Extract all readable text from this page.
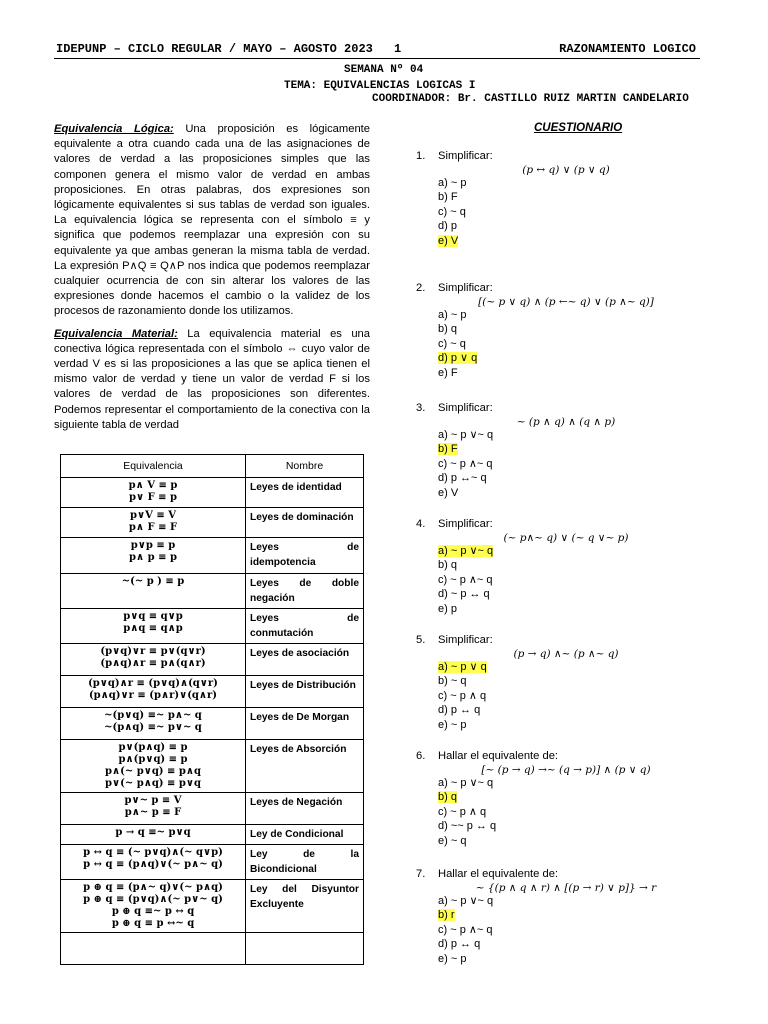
IDEPUNP – CICLO REGULAR / MAYO – AGOSTO 2023 1	RAZONAMIENTO LOGICO
SEMANA Nº 04
TEMA: EQUIVALENCIAS LOGICAS I
COORDINADOR: Br. CASTILLO RUIZ MARTIN CANDELARIO

Equivalencia Lógica: Una proposición es lógicamente equivalente a otra cuando cada una de las asignaciones de valores de verdad a las proposiciones simples que las componen genera el mismo valor de verdad en ambas proposiciones. En otras palabras, dos expresiones son lógicamente equivalentes si sus tablas de verdad son iguales. La equivalencia lógica se representa con el símbolo ≡ y significa que podemos reemplazar una expresión con su equivalente ya que ambas generan la misma tabla de verdad. La expresión P∧Q ≡ Q∧P nos indica que podemos reemplazar cualquier ocurrencia de con sin alterar los valores de las expresiones donde hacemos el cambio o la validez de los procesos de razonamiento donde los utilizamos.

Equivalencia Material: La equivalencia material es una conectiva lógica representada con el símbolo ⇔ cuyo valor de verdad V es si las proposiciones a las que se aplica tienen el mismo valor de verdad y tiene un valor de verdad F si los valores de verdad de las proposiciones son diferentes. Podemos representar el comportamiento de la conectiva con la siguiente tabla de verdad

Equivalencia	Nombre

p∧ V ≡ p
p∨ F ≡ p	Leyes de identidad

p∨V ≡ V
p∧ F ≡ F	Leyes de dominación

p∨p ≡ p
p∧ p ≡ p	Leyes de idempotencia

~(~ p ) ≡ p	Leyes de doble negación

p∨q ≡ q∨p
p∧q ≡ q∧p	Leyes de conmutación

(p∨q)∨r ≡ p∨(q∨r)
(p∧q)∧r ≡ p∧(q∧r)	Leyes de asociación

(p∨q)∧r ≡ (p∨q)∧(q∨r)
(p∧q)∨r ≡ (p∧r)∨(q∧r)	Leyes de Distribución

~(p∨q) ≡~ p∧~ q
~(p∧q) ≡~ p∨~ q	Leyes de De Morgan

p∨(p∧q) ≡ p
p∧(p∨q) ≡ p
p∧(~ p∨q) ≡ p∧q
p∨(~ p∧q) ≡ p∨q	Leyes de Absorción

p∨~ p ≡ V
p∧~ p ≡ F	Leyes de Negación

p → q ≡~ p∨q	Ley de Condicional

p ↔ q ≡ (~ p∨q)∧(~ q∨p)
p ↔ q ≡ (p∧q)∨(~ p∧~ q)	Ley de la Bicondicional

p ⊕ q ≡ (p∧~ q)∨(~ p∧q)
p ⊕ q ≡ (p∨q)∧(~ p∨~ q)
p ⊕ q ≡~ p ↔ q
p ⊕ q ≡ p ↔~ q	Ley del Disyuntor Excluyente

CUESTIONARIO
1.	Simplificar:
(p ↔ q) ∨ (p ∨ q)
a) ~ p
b) F
c) ~ q
d) p
e) V
2.	Simplificar:
[(~ p ∨ q) ∧ (p ←~ q) ∨ (p ∧~ q)]
a) ~ p
b) q
c) ~ q
d) p ∨ q
e) F
3.	Simplificar:
~ (p ∧ q) ∧ (q ∧ p)
a) ~ p ∨~ q
b) F
c) ~ p ∧~ q
d) p ↔~ q
e) V
4.	Simplificar:
(~ p∧~ q) ∨ (~ q ∨~ p)
a) ~ p ∨~ q
b) q
c) ~ p ∧~ q
d) ~ p ↔ q
e) p
5.	Simplificar:
(p → q) ∧~ (p ∧~ q)
a) ~ p ∨ q
b) ~ q
c) ~ p ∧ q
d) p ↔ q
e) ~ p
6.	Hallar el equivalente de:
[~ (p → q) →~ (q → p)] ∧ (p ∨ q)
a) ~ p ∨~ q
b) q
c) ~ p ∧ q
d) ~~ p ↔ q
e) ~ q
7.	Hallar el equivalente de:
~ {(p ∧ q ∧ r) ∧ [(p → r) ∨ p]} → r
a) ~ p ∨~ q
b) r
c) ~ p ∧~ q
d) p ↔ q
e) ~ p
